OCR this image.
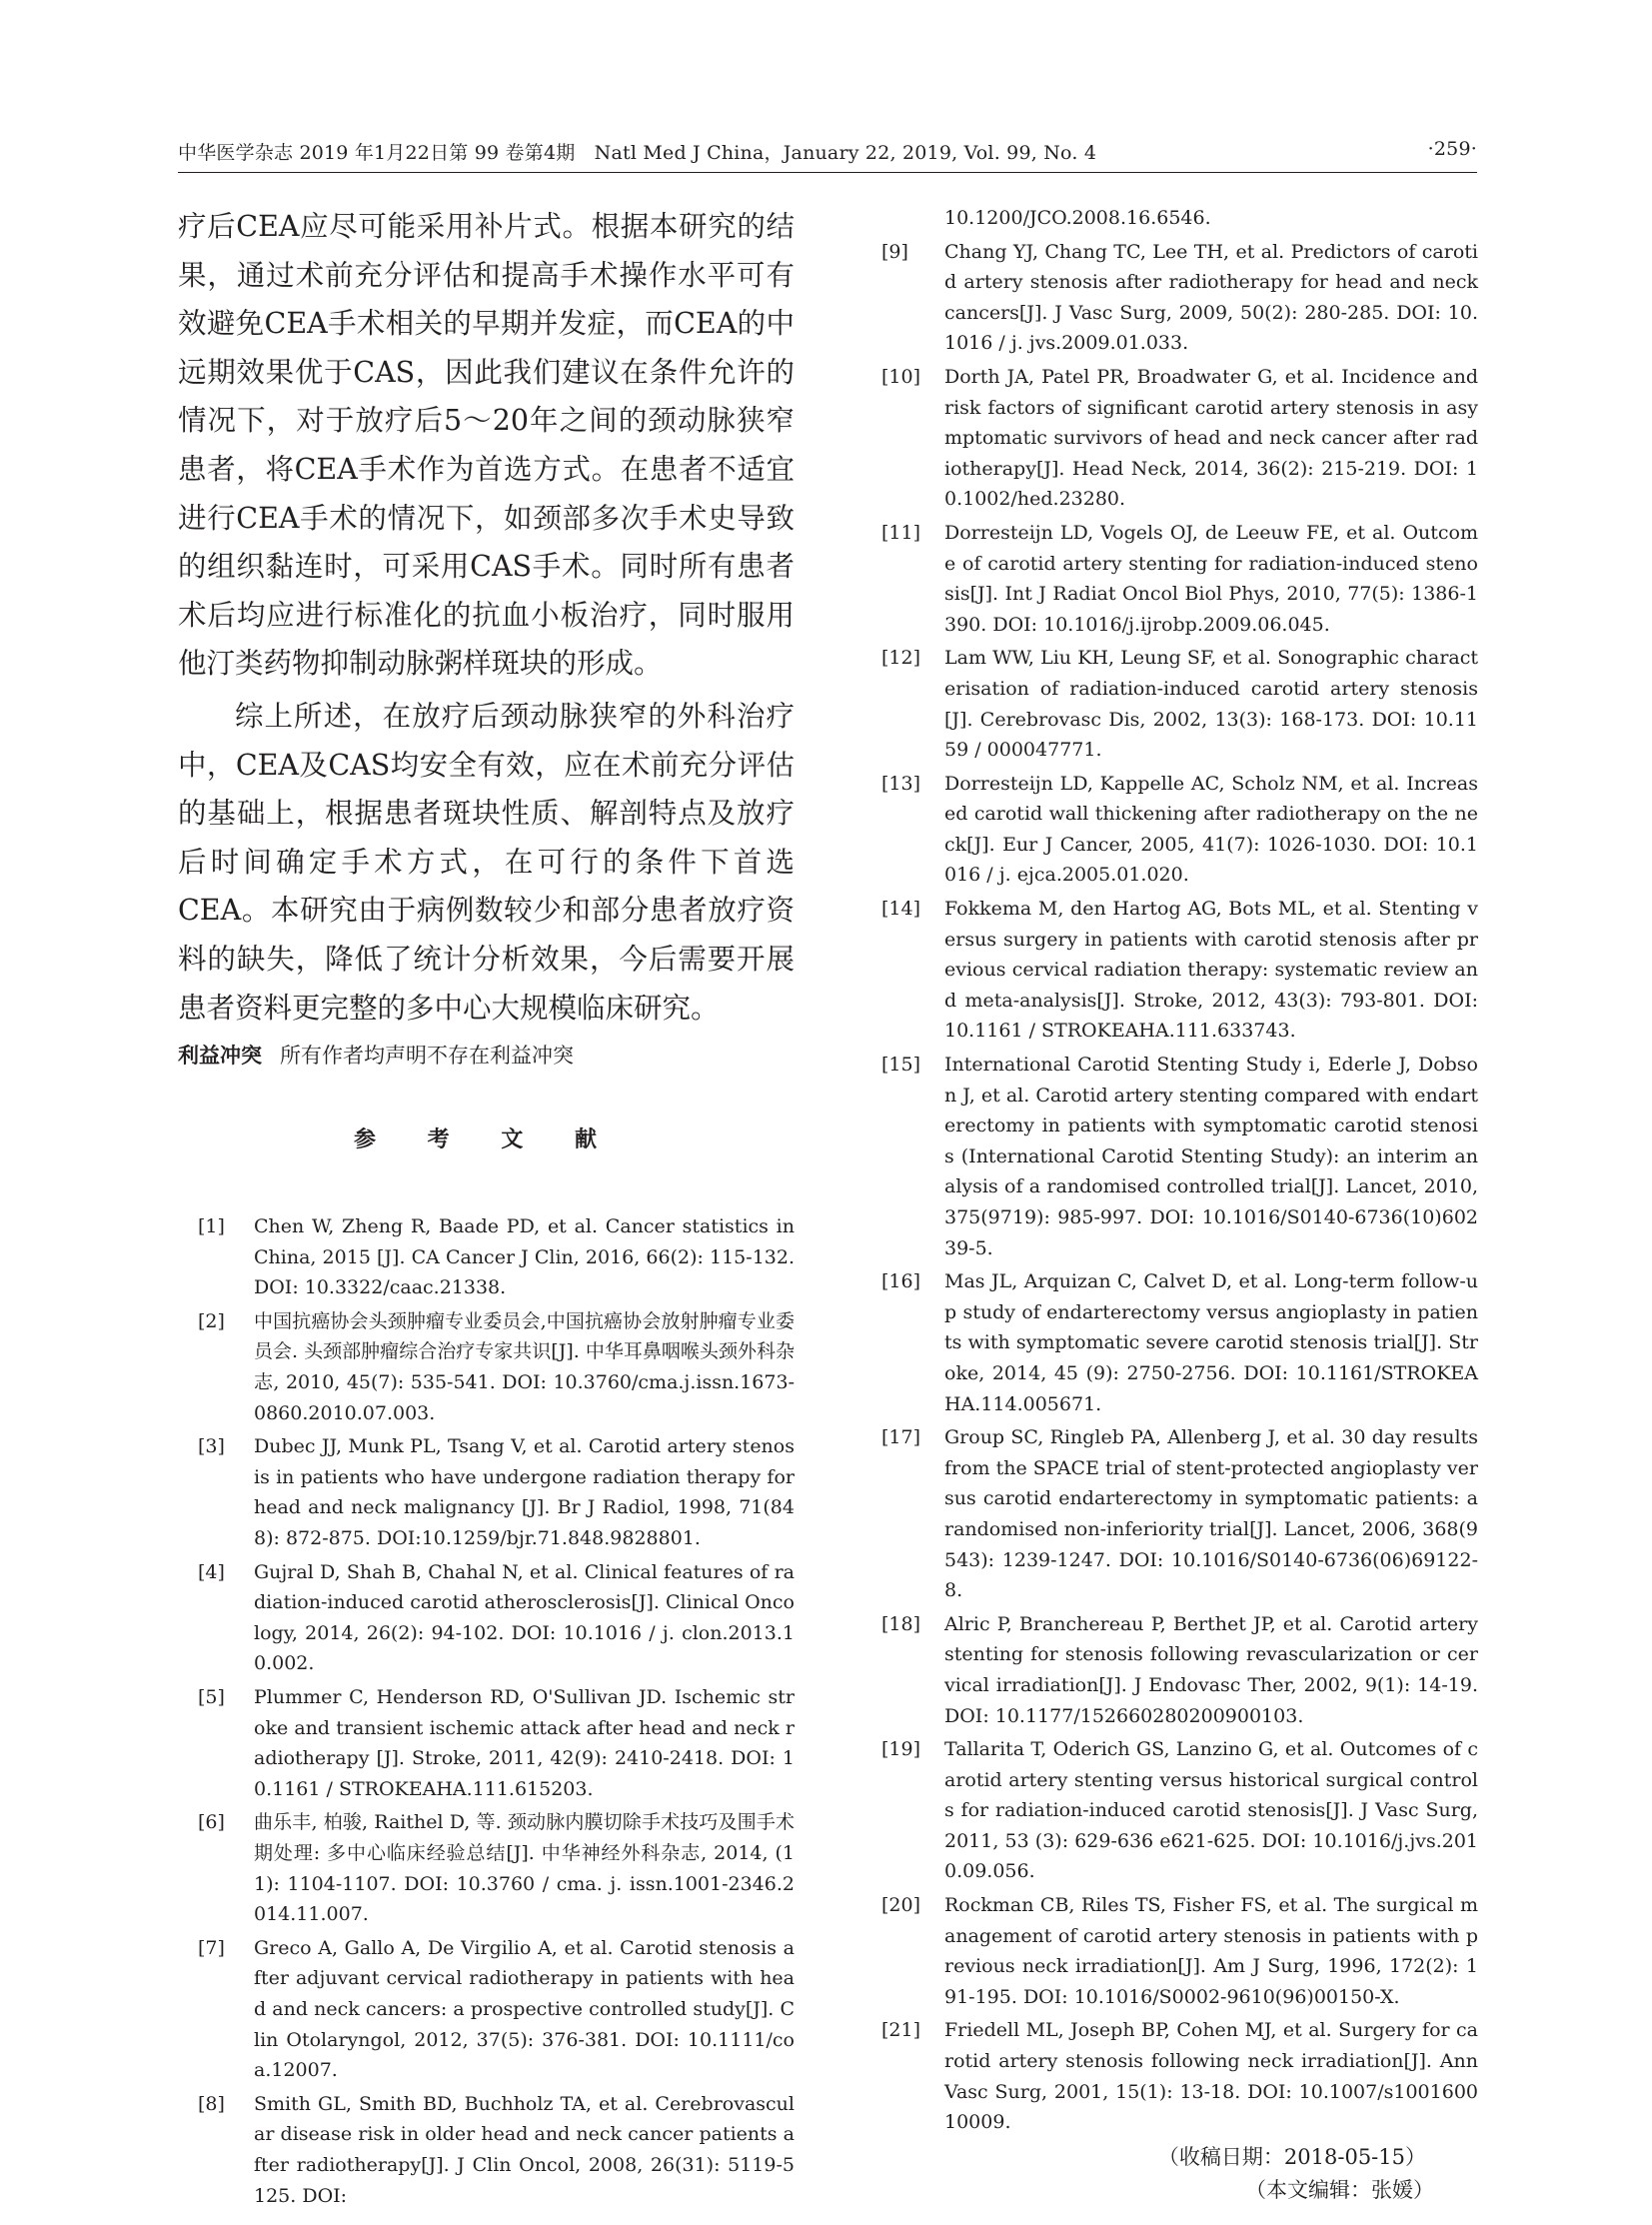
中华医学杂志 2019 年1月22日第 99 卷第4期　Natl Med J China，January 22, 2019, Vol. 99, No. 4	·259·

疗后CEA应尽可能采用补片式。根据本研究的结果，通过术前充分评估和提高手术操作水平可有效避免CEA手术相关的早期并发症，而CEA的中远期效果优于CAS，因此我们建议在条件允许的情况下，对于放疗后5～20年之间的颈动脉狭窄患者，将CEA手术作为首选方式。在患者不适宜进行CEA手术的情况下，如颈部多次手术史导致的组织黏连时，可采用CAS手术。同时所有患者术后均应进行标准化的抗血小板治疗，同时服用他汀类药物抑制动脉粥样斑块的形成。

综上所述，在放疗后颈动脉狭窄的外科治疗中，CEA及CAS均安全有效，应在术前充分评估的基础上，根据患者斑块性质、解剖特点及放疗后时间确定手术方式，在可行的条件下首选CEA。本研究由于病例数较少和部分患者放疗资料的缺失，降低了统计分析效果，今后需要开展患者资料更完整的多中心大规模临床研究。

利益冲突 所有作者均声明不存在利益冲突
参 考 文 献
[1] Chen W, Zheng R, Baade PD, et al. Cancer statistics in China, 2015 [J]. CA Cancer J Clin, 2016, 66(2): 115-132. DOI: 10.3322/caac.21338.
[2] 中国抗癌协会头颈肿瘤专业委员会,中国抗癌协会放射肿瘤专业委员会. 头颈部肿瘤综合治疗专家共识[J]. 中华耳鼻咽喉头颈外科杂志, 2010, 45(7): 535-541. DOI: 10.3760/cma.j.issn.1673-0860.2010.07.003.
[3] Dubec JJ, Munk PL, Tsang V, et al. Carotid artery stenosis in patients who have undergone radiation therapy for head and neck malignancy [J]. Br J Radiol, 1998, 71(848): 872-875. DOI:10.1259/bjr.71.848.9828801.
[4] Gujral D, Shah B, Chahal N, et al. Clinical features of radiation-induced carotid atherosclerosis[J]. Clinical Oncology, 2014, 26(2): 94-102. DOI: 10.1016 / j. clon.2013.10.002.
[5] Plummer C, Henderson RD, O'Sullivan JD. Ischemic stroke and transient ischemic attack after head and neck radiotherapy [J]. Stroke, 2011, 42(9): 2410-2418. DOI: 10.1161 / STROKEAHA.111.615203.
[6] 曲乐丰, 柏骏, Raithel D, 等. 颈动脉内膜切除手术技巧及围手术期处理: 多中心临床经验总结[J]. 中华神经外科杂志, 2014, (11): 1104-1107. DOI: 10.3760 / cma. j. issn.1001-2346.2014.11.007.
[7] Greco A, Gallo A, De Virgilio A, et al. Carotid stenosis after adjuvant cervical radiotherapy in patients with head and neck cancers: a prospective controlled study[J]. Clin Otolaryngol, 2012, 37(5): 376-381. DOI: 10.1111/coa.12007.
[8] Smith GL, Smith BD, Buchholz TA, et al. Cerebrovascular disease risk in older head and neck cancer patients after radiotherapy[J]. J Clin Oncol, 2008, 26(31): 5119-5125. DOI:
10.1200/JCO.2008.16.6546.
[9] Chang YJ, Chang TC, Lee TH, et al. Predictors of carotid artery stenosis after radiotherapy for head and neck cancers[J]. J Vasc Surg, 2009, 50(2): 280-285. DOI: 10.1016 / j. jvs.2009.01.033.
[10] Dorth JA, Patel PR, Broadwater G, et al. Incidence and risk factors of significant carotid artery stenosis in asymptomatic survivors of head and neck cancer after radiotherapy[J]. Head Neck, 2014, 36(2): 215-219. DOI: 10.1002/hed.23280.
[11] Dorresteijn LD, Vogels OJ, de Leeuw FE, et al. Outcome of carotid artery stenting for radiation-induced stenosis[J]. Int J Radiat Oncol Biol Phys, 2010, 77(5): 1386-1390. DOI: 10.1016/j.ijrobp.2009.06.045.
[12] Lam WW, Liu KH, Leung SF, et al. Sonographic characterisation of radiation-induced carotid artery stenosis[J]. Cerebrovasc Dis, 2002, 13(3): 168-173. DOI: 10.1159 / 000047771.
[13] Dorresteijn LD, Kappelle AC, Scholz NM, et al. Increased carotid wall thickening after radiotherapy on the neck[J]. Eur J Cancer, 2005, 41(7): 1026-1030. DOI: 10.1016 / j. ejca.2005.01.020.
[14] Fokkema M, den Hartog AG, Bots ML, et al. Stenting versus surgery in patients with carotid stenosis after previous cervical radiation therapy: systematic review and meta-analysis[J]. Stroke, 2012, 43(3): 793-801. DOI: 10.1161 / STROKEAHA.111.633743.
[15] International Carotid Stenting Study i, Ederle J, Dobson J, et al. Carotid artery stenting compared with endarterectomy in patients with symptomatic carotid stenosis (International Carotid Stenting Study): an interim analysis of a randomised controlled trial[J]. Lancet, 2010, 375(9719): 985-997. DOI: 10.1016/S0140-6736(10)60239-5.
[16] Mas JL, Arquizan C, Calvet D, et al. Long-term follow-up study of endarterectomy versus angioplasty in patients with symptomatic severe carotid stenosis trial[J]. Stroke, 2014, 45 (9): 2750-2756. DOI: 10.1161/STROKEAHA.114.005671.
[17] Group SC, Ringleb PA, Allenberg J, et al. 30 day results from the SPACE trial of stent-protected angioplasty versus carotid endarterectomy in symptomatic patients: a randomised non-inferiority trial[J]. Lancet, 2006, 368(9543): 1239-1247. DOI: 10.1016/S0140-6736(06)69122-8.
[18] Alric P, Branchereau P, Berthet JP, et al. Carotid artery stenting for stenosis following revascularization or cervical irradiation[J]. J Endovasc Ther, 2002, 9(1): 14-19. DOI: 10.1177/152660280200900103.
[19] Tallarita T, Oderich GS, Lanzino G, et al. Outcomes of carotid artery stenting versus historical surgical controls for radiation-induced carotid stenosis[J]. J Vasc Surg, 2011, 53 (3): 629-636 e621-625. DOI: 10.1016/j.jvs.2010.09.056.
[20] Rockman CB, Riles TS, Fisher FS, et al. The surgical management of carotid artery stenosis in patients with previous neck irradiation[J]. Am J Surg, 1996, 172(2): 191-195. DOI: 10.1016/S0002-9610(96)00150-X.
[21] Friedell ML, Joseph BP, Cohen MJ, et al. Surgery for carotid artery stenosis following neck irradiation[J]. Ann Vasc Surg, 2001, 15(1): 13-18. DOI: 10.1007/s100160010009.
（收稿日期：2018-05-15）
（本文编辑：张媛）
